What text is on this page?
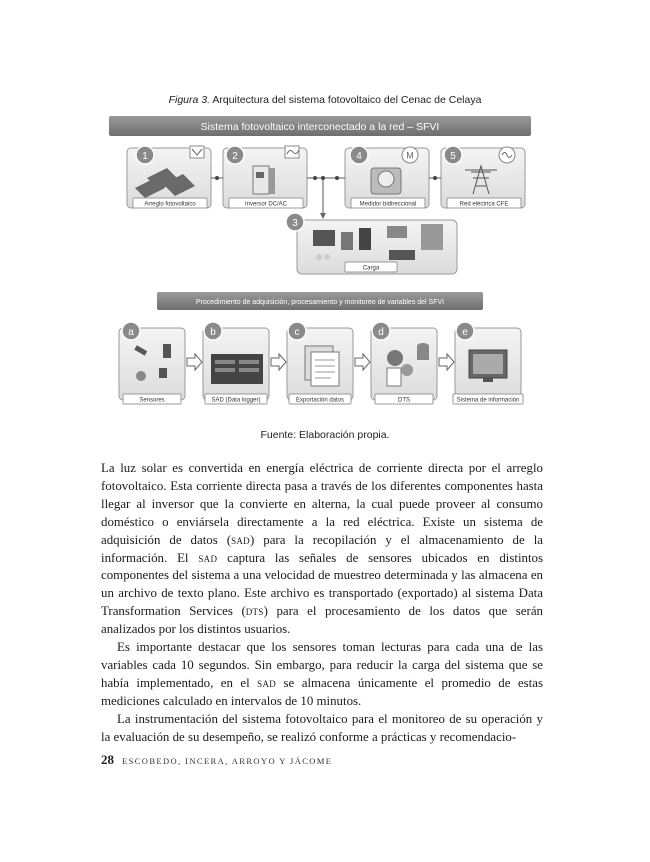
Figura 3. Arquitectura del sistema fotovoltaico del Cenac de Celaya
Sistema fotovoltaico interconectado a la red – SFVI
1
Arreglo fotovoltaico
2
Inversor DC/AC
4	M
Medidor bidireccional
5
Red eléctrica CFE
3
Carga
Procedimiento de adquisición, procesamiento y monitoreo de variables del SFVI
a
Sensores
b
SAD (Data logger)
c
Exportación datos
d
DTS
e
Sistema de información
Fuente: Elaboración propia.

La luz solar es convertida en energía eléctrica de corriente directa por el arreglo fotovoltaico. Esta corriente directa pasa a través de los diferentes componentes hasta llegar al inversor que la convierte en alterna, la cual puede proveer al consumo doméstico o enviársela directamente a la red eléctrica. Existe un sistema de adquisición de datos (sad) para la recopilación y el almacenamiento de la información. El sad captura las señales de sensores ubicados en distintos componentes del sistema a una velocidad de muestreo determinada y las almacena en un archivo de texto plano. Este archivo es transportado (exportado) al sistema Data Transformation Services (dts) para el procesamiento de los datos que serán analizados por los distintos usuarios.

Es importante destacar que los sensores toman lecturas para cada una de las variables cada 10 segundos. Sin embargo, para reducir la carga del sistema que se había implementado, en el sad se almacena únicamente el promedio de estas mediciones calculado en intervalos de 10 minutos.

La instrumentación del sistema fotovoltaico para el monitoreo de su operación y la evaluación de su desempeño, se realizó conforme a prácticas y recomendacio-

28 ESCOBEDO, INCERA, ARROYO Y JÁCOME
